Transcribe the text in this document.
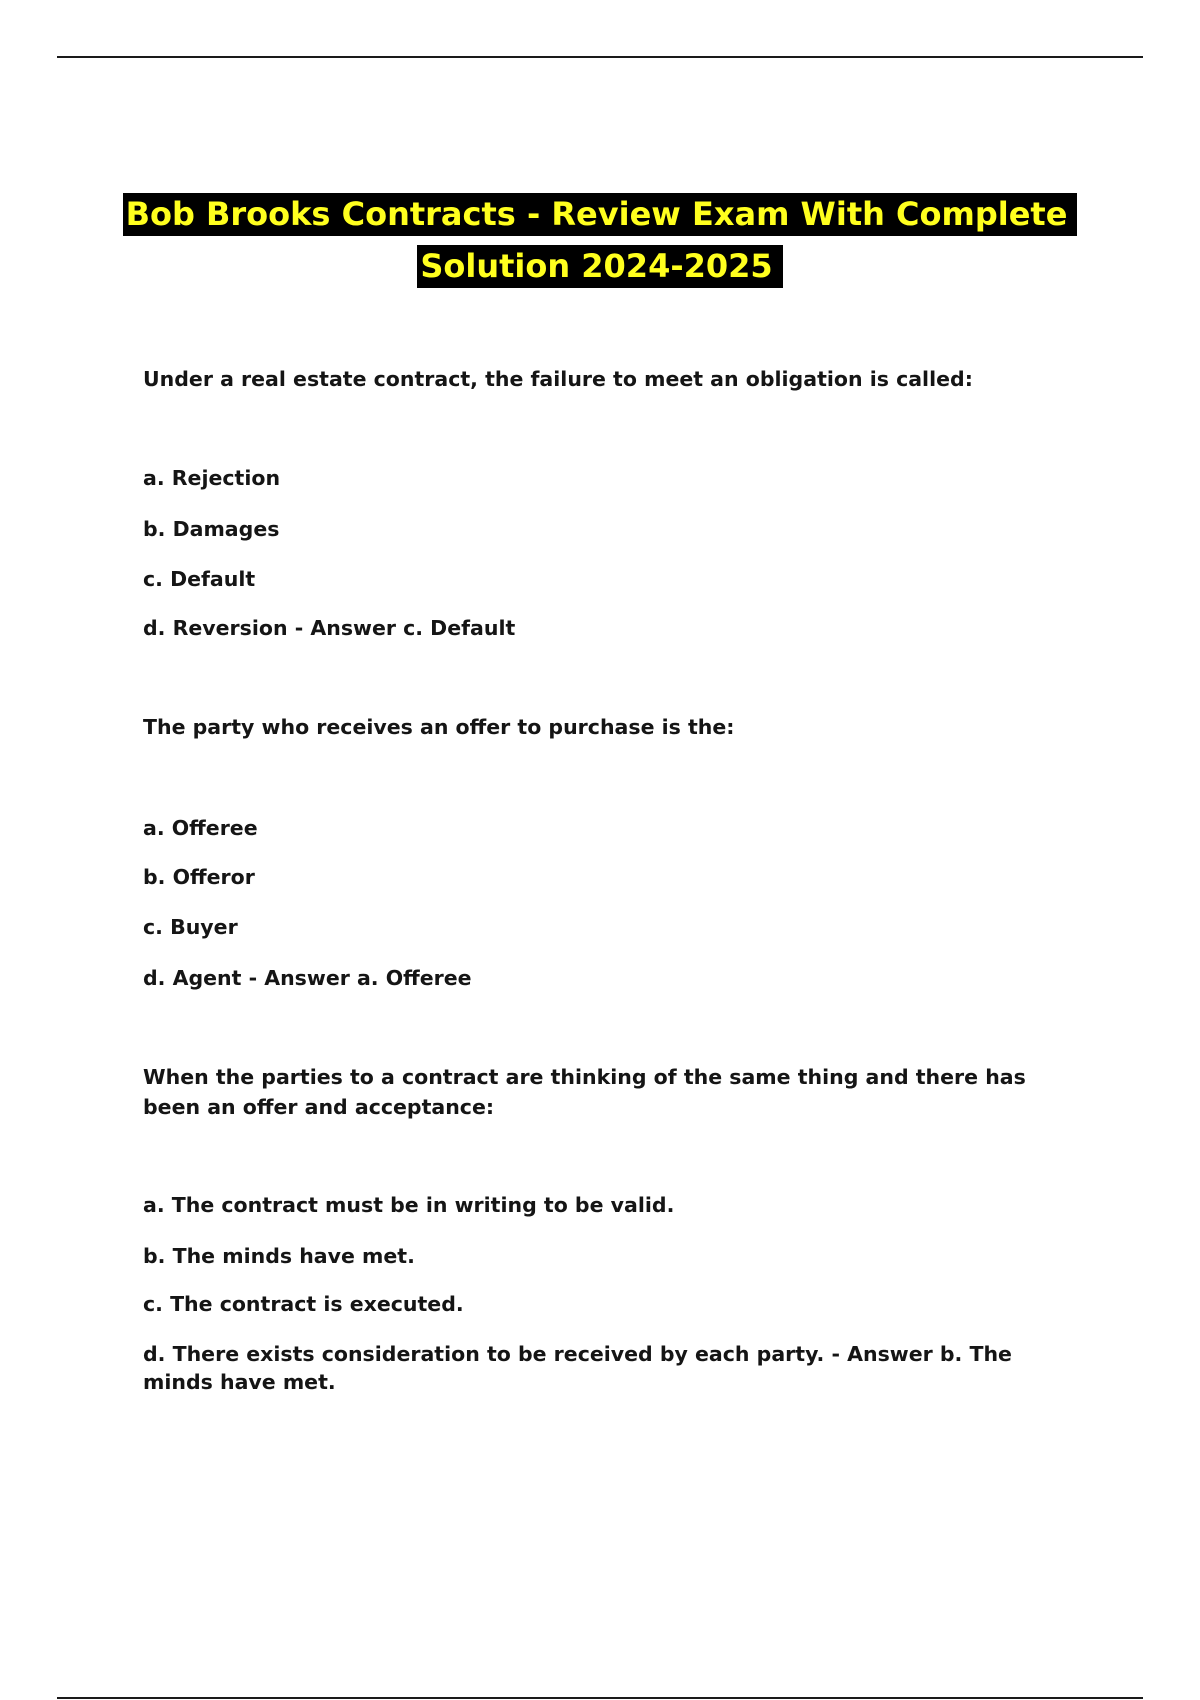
Bob Brooks Contracts - Review Exam With Complete
Solution 2024-2025

Under a real estate contract, the failure to meet an obligation is called:

a. Rejection

b. Damages

c. Default

d. Reversion - Answer c. Default

The party who receives an offer to purchase is the:

a. Offeree

b. Offeror

c. Buyer

d. Agent - Answer a. Offeree

When the parties to a contract are thinking of the same thing and there has been an offer and acceptance:

a. The contract must be in writing to be valid.

b. The minds have met.

c. The contract is executed.

d. There exists consideration to be received by each party. - Answer b. The minds have met.
